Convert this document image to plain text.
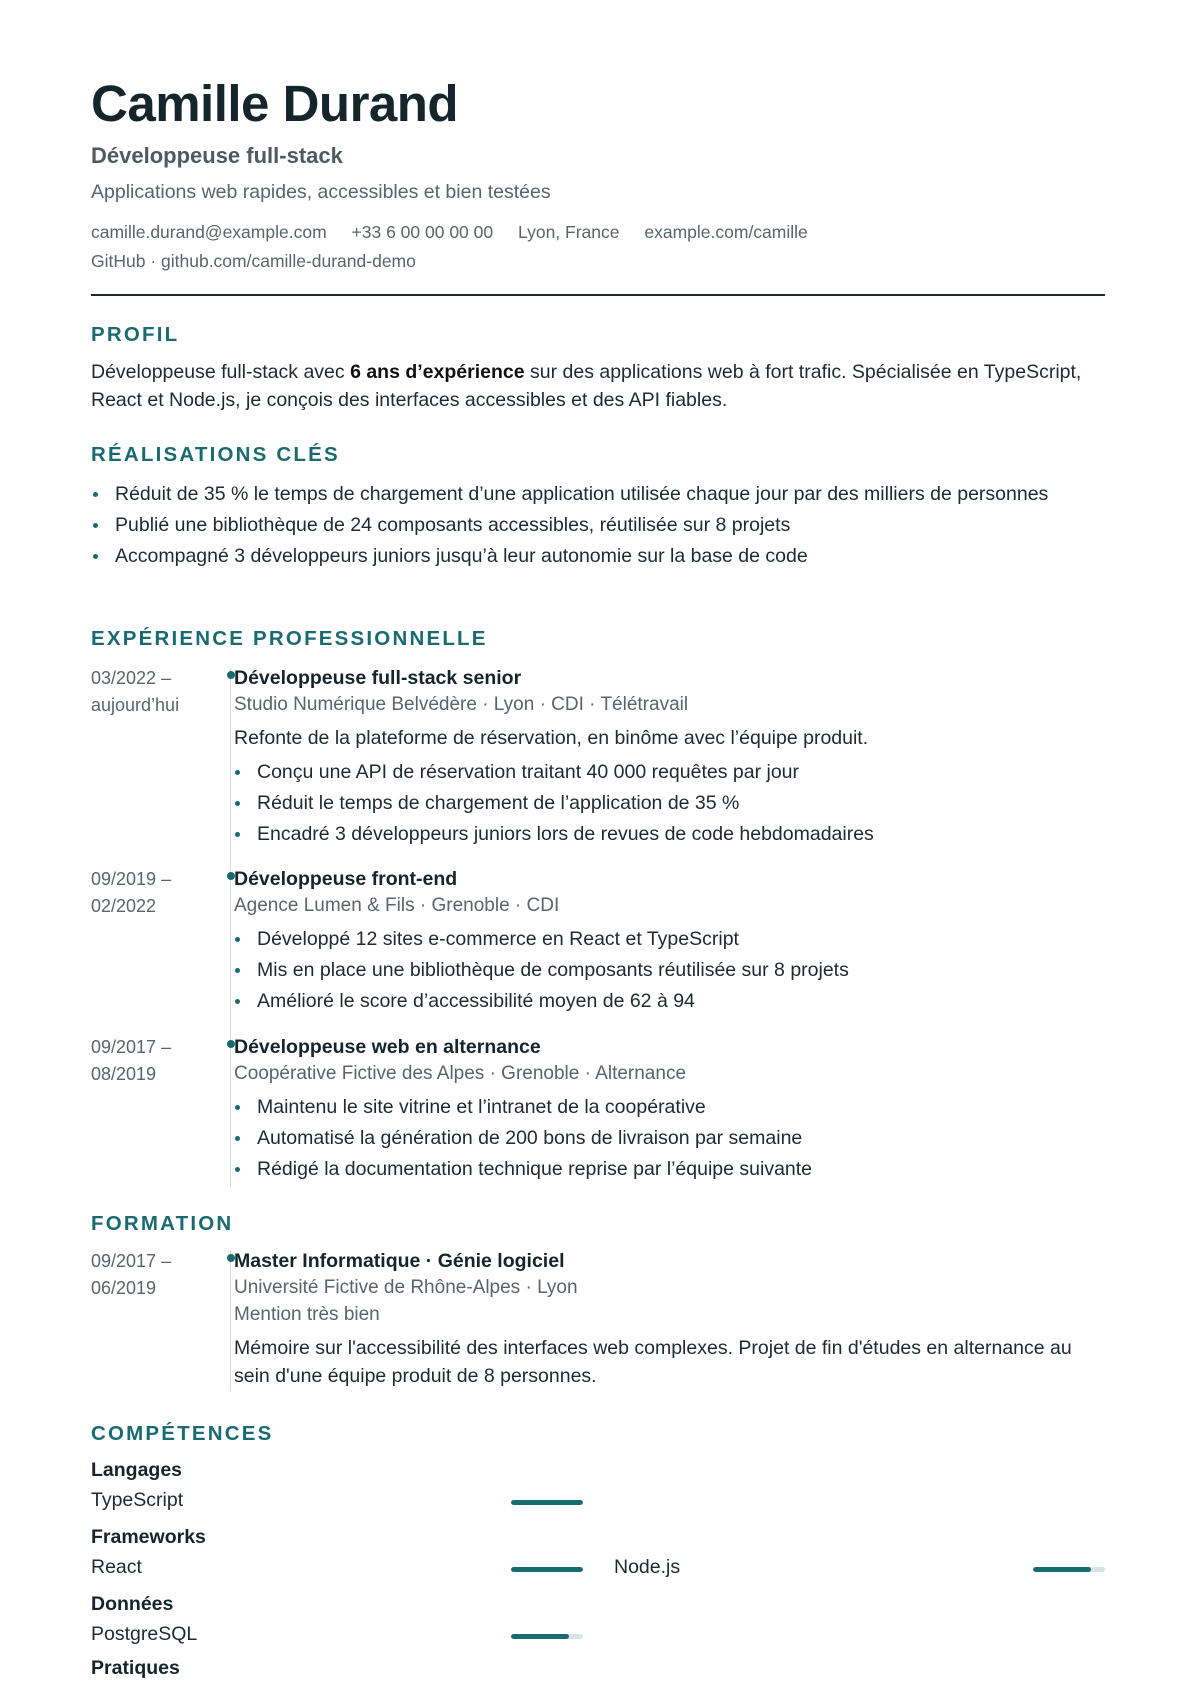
Camille Durand
Développeuse full-stack
Applications web rapides, accessibles et bien testées
camille.durand@example.com +33 6 00 00 00 00 Lyon, France example.com/camille
GitHub · github.com/camille-durand-demo
PROFIL
Développeuse full-stack avec 6 ans d’expérience sur des applications web à fort trafic. Spécialisée en TypeScript, React et Node.js, je conçois des interfaces accessibles et des API fiables.
RÉALISATIONS CLÉS
Réduit de 35 % le temps de chargement d’une application utilisée chaque jour par des milliers de personnes
Publié une bibliothèque de 24 composants accessibles, réutilisée sur 8 projets
Accompagné 3 développeurs juniors jusqu’à leur autonomie sur la base de code
EXPÉRIENCE PROFESSIONNELLE
03/2022 –
aujourd’hui
Développeuse full-stack senior
Studio Numérique Belvédère · Lyon · CDI · Télétravail
Refonte de la plateforme de réservation, en binôme avec l’équipe produit.
Conçu une API de réservation traitant 40 000 requêtes par jour
Réduit le temps de chargement de l’application de 35 %
Encadré 3 développeurs juniors lors de revues de code hebdomadaires
09/2019 –
02/2022
Développeuse front-end
Agence Lumen & Fils · Grenoble · CDI
Développé 12 sites e-commerce en React et TypeScript
Mis en place une bibliothèque de composants réutilisée sur 8 projets
Amélioré le score d’accessibilité moyen de 62 à 94
09/2017 –
08/2019
Développeuse web en alternance
Coopérative Fictive des Alpes · Grenoble · Alternance
Maintenu le site vitrine et l’intranet de la coopérative
Automatisé la génération de 200 bons de livraison par semaine
Rédigé la documentation technique reprise par l’équipe suivante
FORMATION
09/2017 –
06/2019
Master Informatique · Génie logiciel
Université Fictive de Rhône-Alpes · Lyon
Mention très bien
Mémoire sur l'accessibilité des interfaces web complexes. Projet de fin d'études en alternance au sein d'une équipe produit de 8 personnes.
COMPÉTENCES
Langages
TypeScript
Frameworks
React	Node.js
Données
PostgreSQL
Pratiques
